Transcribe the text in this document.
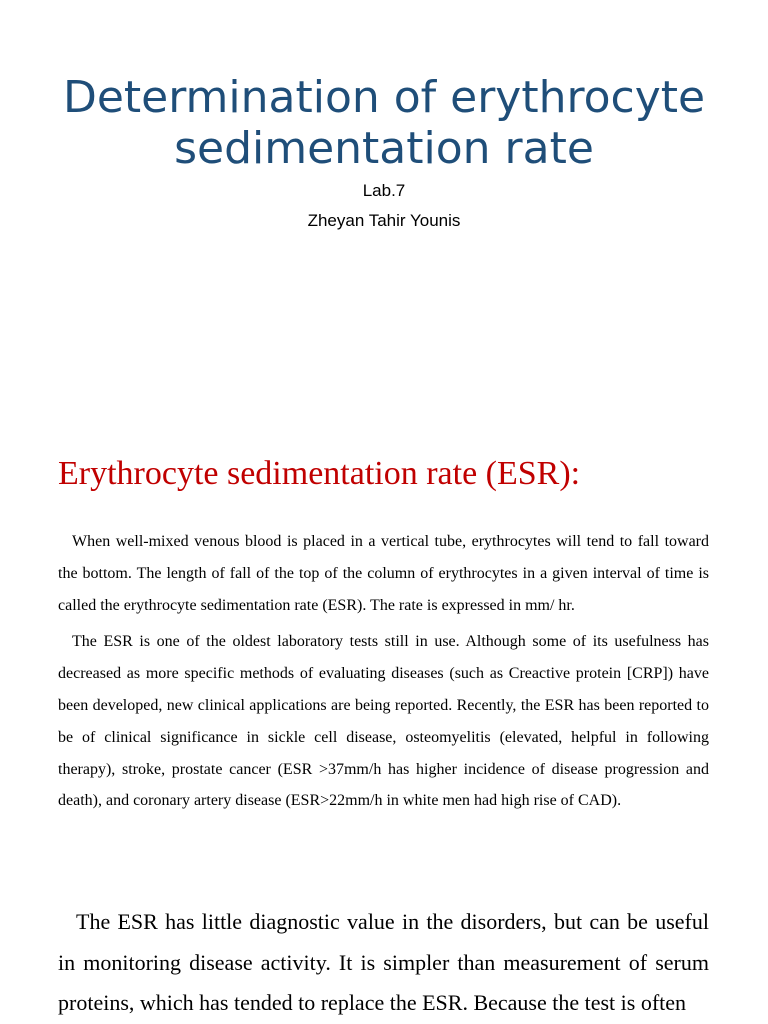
Determination of erythrocyte sedimentation rate
Lab.7
Zheyan Tahir Younis
Erythrocyte sedimentation rate (ESR):

When well-mixed venous blood is placed in a vertical tube, erythrocytes will tend to fall toward the bottom. The length of fall of the top of the column of erythrocytes in a given interval of time is called the erythrocyte sedimentation rate (ESR). The rate is expressed in mm/ hr.

The ESR is one of the oldest laboratory tests still in use. Although some of its usefulness has decreased as more specific methods of evaluating diseases (such as Creactive protein [CRP]) have been developed, new clinical applications are being reported. Recently, the ESR has been reported to be of clinical significance in sickle cell disease, osteomyelitis (elevated, helpful in following therapy), stroke, prostate cancer (ESR >37mm/h has higher incidence of disease progression and death), and coronary artery disease (ESR>22mm/h in white men had high rise of CAD).

The ESR has little diagnostic value in the disorders, but can be useful in monitoring disease activity. It is simpler than measurement of serum proteins, which has tended to replace the ESR. Because the test is often
